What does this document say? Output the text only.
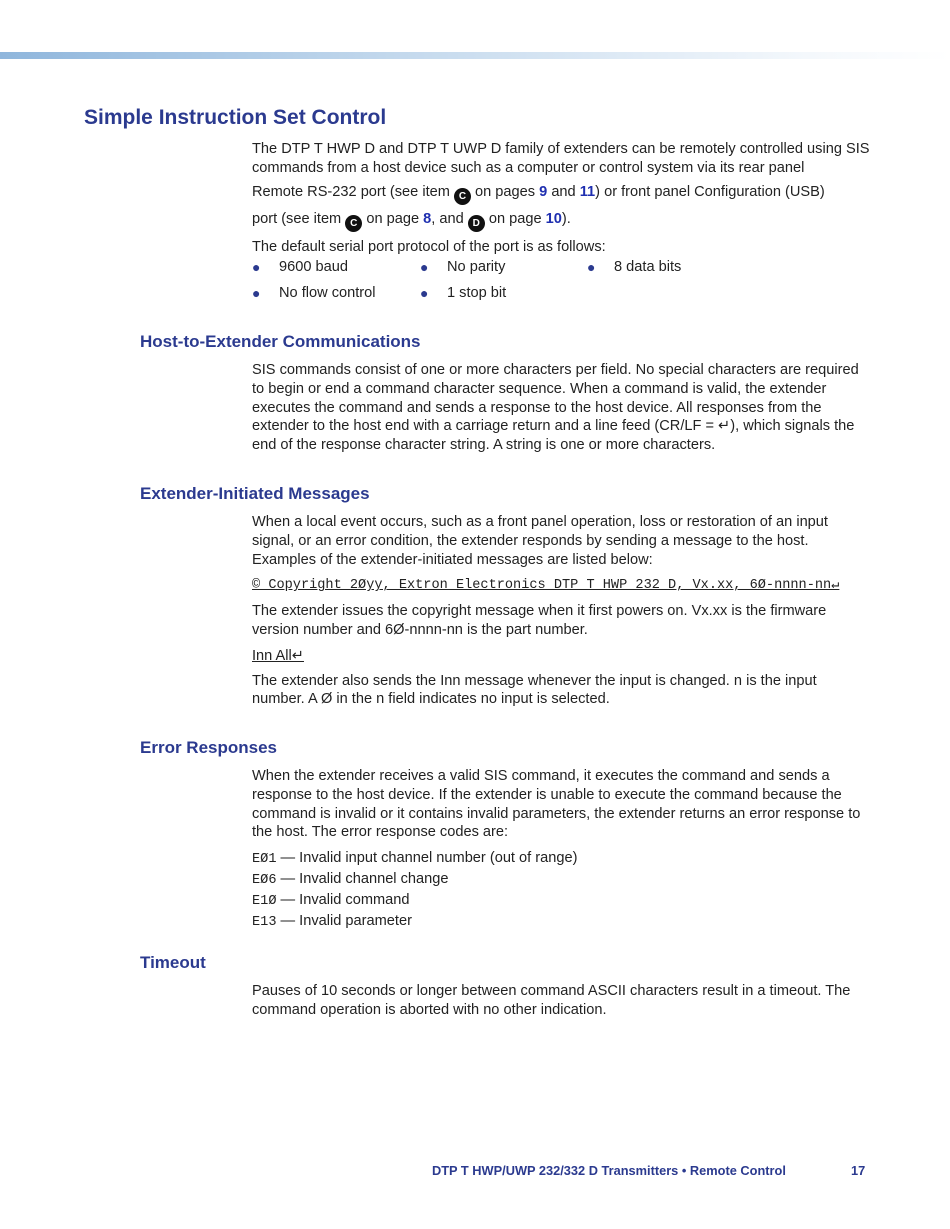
Simple Instruction Set Control

The DTP T HWP D and DTP T UWP D family of extenders can be remotely controlled using SIS commands from a host device such as a computer or control system via its rear panel

Remote RS-232 port (see item C on pages 9 and 11) or front panel Configuration (USB)

port (see item C on page 8, and D on page 10).

The default serial port protocol of the port is as follows:

● 9600 baud	● No parity	● 8 data bits
● No flow control	● 1 stop bit
Host-to-Extender Communications

SIS commands consist of one or more characters per field. No special characters are required to begin or end a command character sequence. When a command is valid, the extender executes the command and sends a response to the host device. All responses from the extender to the host end with a carriage return and a line feed (CR/LF = ↵), which signals the end of the response character string. A string is one or more characters.

Extender-Initiated Messages

When a local event occurs, such as a front panel operation, loss or restoration of an input signal, or an error condition, the extender responds by sending a message to the host. Examples of the extender-initiated messages are listed below:

© Copyright 2Øyy, Extron Electronics DTP T HWP 232 D, Vx.xx, 6Ø-nnnn-nn↵

The extender issues the copyright message when it first powers on. Vx.xx is the firmware version number and 6Ø-nnnn-nn is the part number.

Inn All↵

The extender also sends the Inn message whenever the input is changed. n is the input number. A Ø in the n field indicates no input is selected.

Error Responses

When the extender receives a valid SIS command, it executes the command and sends a response to the host device. If the extender is unable to execute the command because the command is invalid or it contains invalid parameters, the extender returns an error response to the host. The error response codes are:

EØ1 — Invalid input channel number (out of range)
EØ6 — Invalid channel change
E1Ø — Invalid command
E13 — Invalid parameter
Timeout

Pauses of 10 seconds or longer between command ASCII characters result in a timeout. The command operation is aborted with no other indication.

DTP T HWP/UWP 232/332 D Transmitters • Remote Control	17
